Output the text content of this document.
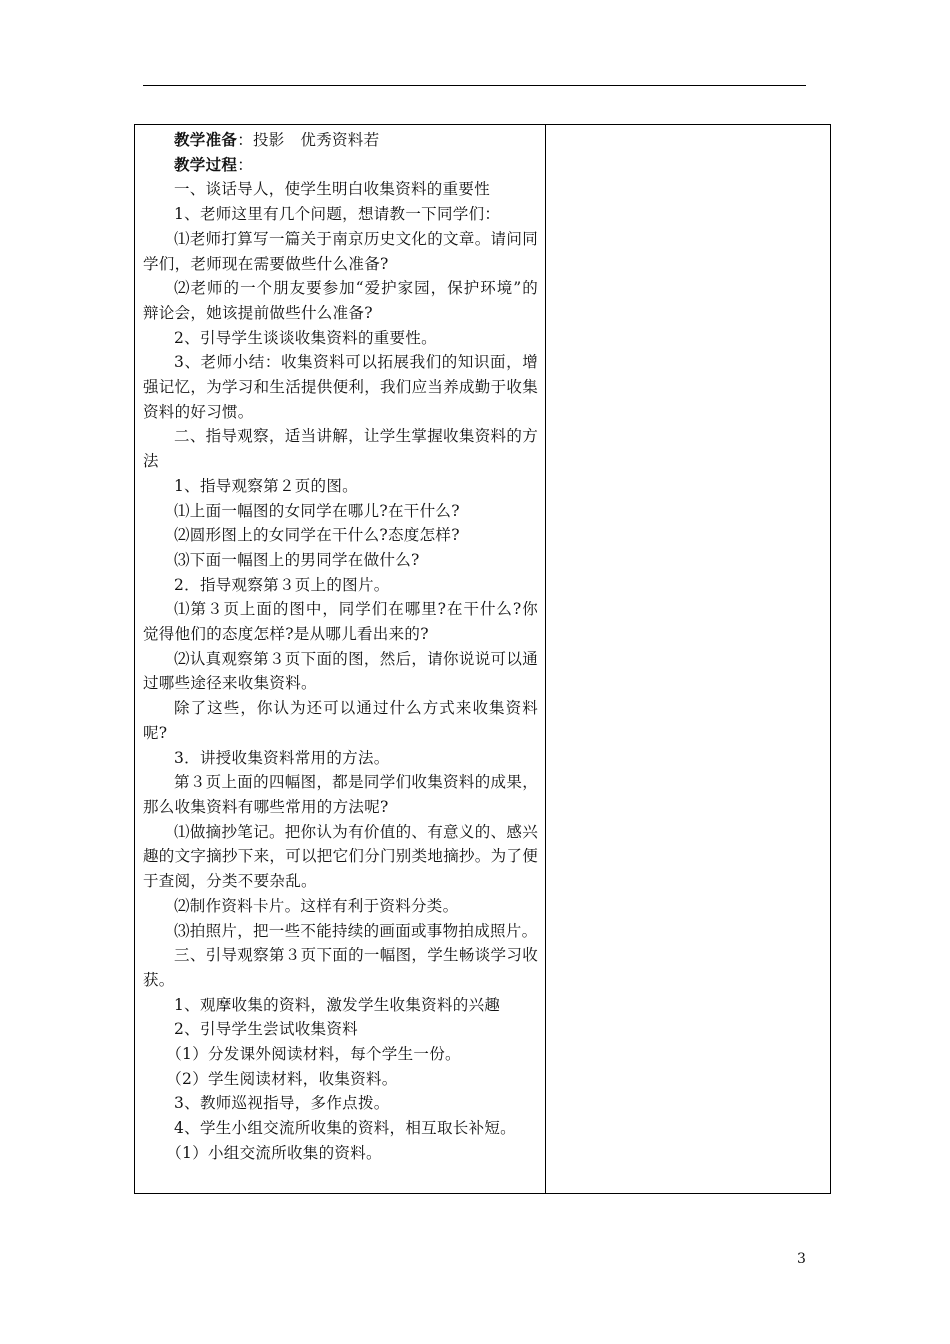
教学准备：投影　优秀资料若

教学过程：

一、谈话导人，使学生明白收集资料的重要性

1、老师这里有几个问题，想请教一下同学们：

⑴老师打算写一篇关于南京历史文化的文章。请问同学们，老师现在需要做些什么准备?

⑵老师的一个朋友要参加“爱护家园，保护环境”的辩论会，她该提前做些什么准备?

2、引导学生谈谈收集资料的重要性。

3、老师小结：收集资料可以拓展我们的知识面，增强记忆，为学习和生活提供便利，我们应当养成勤于收集资料的好习惯。

二、指导观察，适当讲解，让学生掌握收集资料的方法

1、指导观察第２页的图。

⑴上面一幅图的女同学在哪儿?在干什么?

⑵圆形图上的女同学在干什么?态度怎样?

⑶下面一幅图上的男同学在做什么?

2．指导观察第３页上的图片。

⑴第３页上面的图中，同学们在哪里?在干什么?你觉得他们的态度怎样?是从哪儿看出来的?

⑵认真观察第３页下面的图，然后，请你说说可以通过哪些途径来收集资料。

除了这些，你认为还可以通过什么方式来收集资料呢?

3．讲授收集资料常用的方法。

第３页上面的四幅图，都是同学们收集资料的成果，那么收集资料有哪些常用的方法呢?

⑴做摘抄笔记。把你认为有价值的、有意义的、感兴趣的文字摘抄下来，可以把它们分门别类地摘抄。为了便于查阅，分类不要杂乱。

⑵制作资料卡片。这样有利于资料分类。

⑶拍照片，把一些不能持续的画面或事物拍成照片。

三、引导观察第３页下面的一幅图，学生畅谈学习收获。

1、观摩收集的资料，激发学生收集资料的兴趣

2、引导学生尝试收集资料

（1）分发课外阅读材料，每个学生一份。

（2）学生阅读材料，收集资料。

3、教师巡视指导，多作点拨。

4、学生小组交流所收集的资料，相互取长补短。

（1）小组交流所收集的资料。

3
